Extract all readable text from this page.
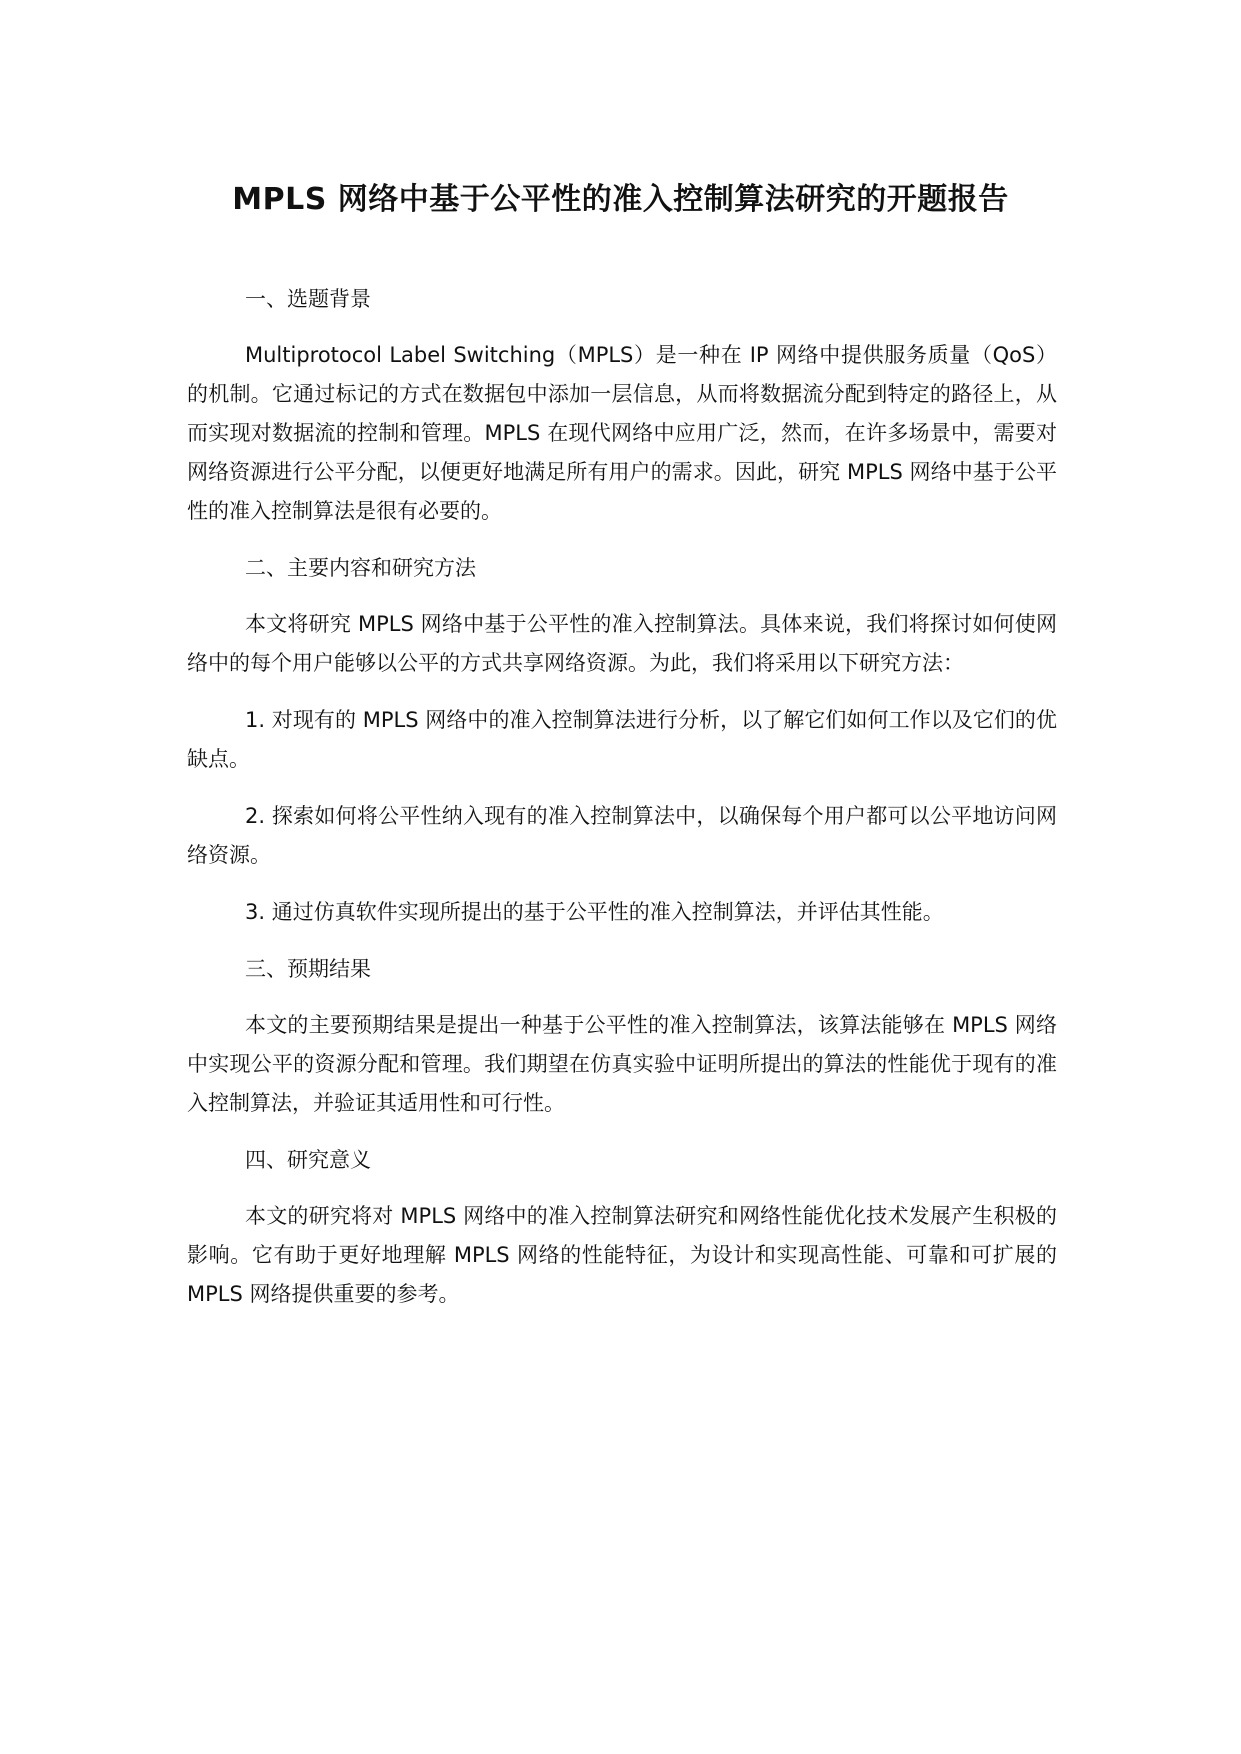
MPLS 网络中基于公平性的准入控制算法研究的开题报告
一、选题背景

Multiprotocol Label Switching（MPLS）是一种在 IP 网络中提供服务质量（QoS）的机制。它通过标记的方式在数据包中添加一层信息，从而将数据流分配到特定的路径上，从而实现对数据流的控制和管理。MPLS 在现代网络中应用广泛，然而，在许多场景中，需要对网络资源进行公平分配，以便更好地满足所有用户的需求。因此，研究 MPLS 网络中基于公平性的准入控制算法是很有必要的。

二、主要内容和研究方法

本文将研究 MPLS 网络中基于公平性的准入控制算法。具体来说，我们将探讨如何使网络中的每个用户能够以公平的方式共享网络资源。为此，我们将采用以下研究方法：

1. 对现有的 MPLS 网络中的准入控制算法进行分析，以了解它们如何工作以及它们的优缺点。

2. 探索如何将公平性纳入现有的准入控制算法中，以确保每个用户都可以公平地访问网络资源。

3. 通过仿真软件实现所提出的基于公平性的准入控制算法，并评估其性能。

三、预期结果

本文的主要预期结果是提出一种基于公平性的准入控制算法，该算法能够在 MPLS 网络中实现公平的资源分配和管理。我们期望在仿真实验中证明所提出的算法的性能优于现有的准入控制算法，并验证其适用性和可行性。

四、研究意义

本文的研究将对 MPLS 网络中的准入控制算法研究和网络性能优化技术发展产生积极的影响。它有助于更好地理解 MPLS 网络的性能特征，为设计和实现高性能、可靠和可扩展的 MPLS 网络提供重要的参考。
